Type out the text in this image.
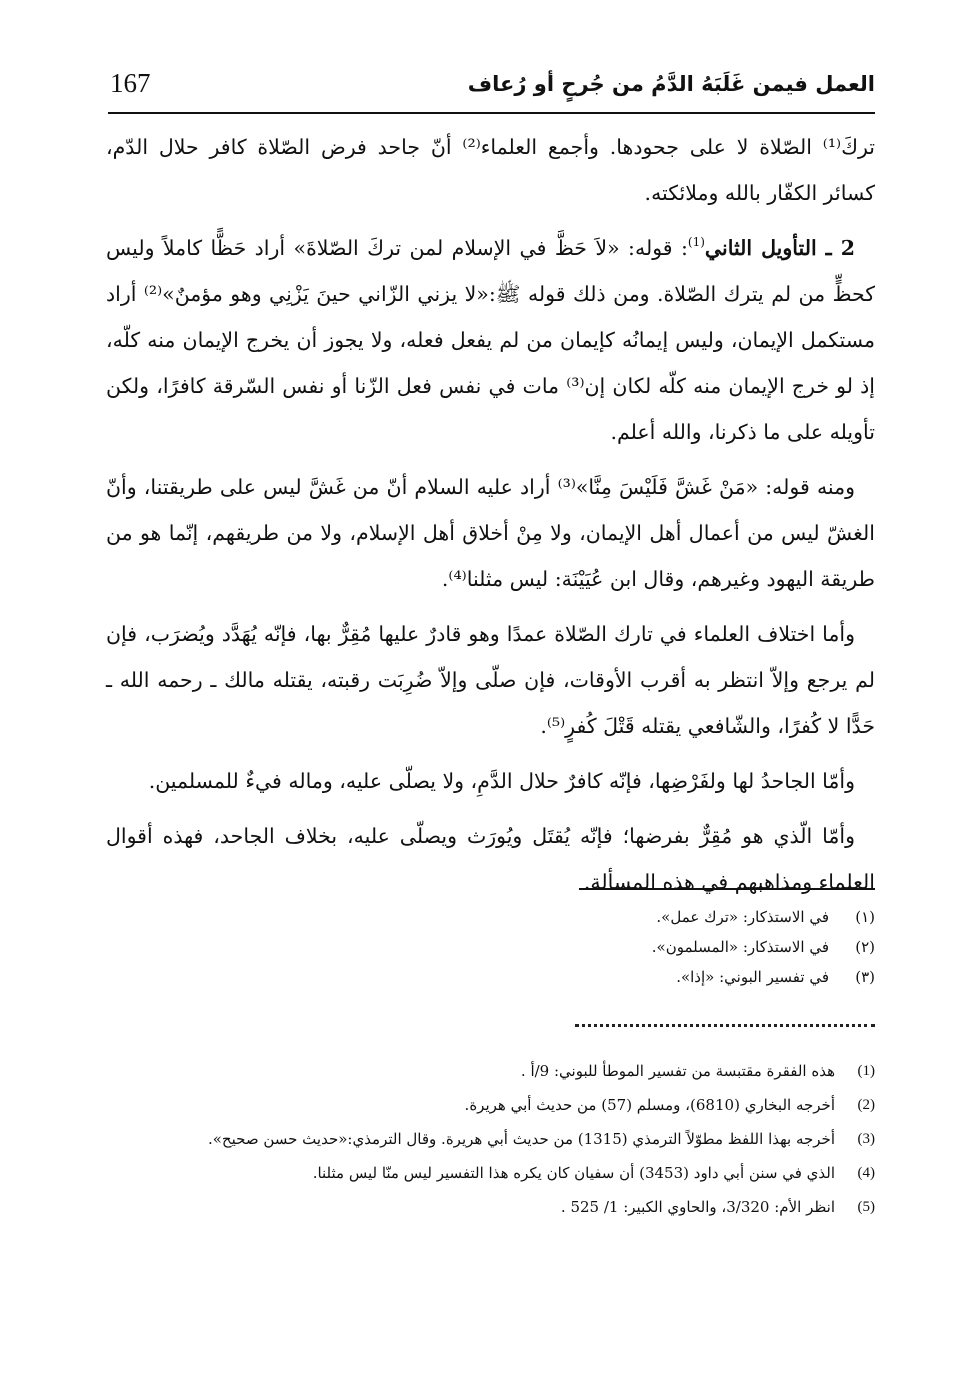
العمل فيمن غَلَبَهُ الدَّمُ من جُرحٍ أو رُعاف
167

تركَ⁽¹⁾ الصّلاة لا على جحودها. وأجمع العلماء⁽²⁾ أنّ جاحد فرض الصّلاة كافر حلال الدّم، كسائر الكفّار بالله وملائكته.

2 ـ التأويل الثاني$^{(1)}$: قوله: «لاَ حَظَّ في الإسلام لمن تركَ الصّلاةَ» أراد حَظًّا كاملاً وليس كحظٍّ من لم يترك الصّلاة. ومن ذلك قوله ﷺ:«لا يزني الزّاني حينَ يَزْنِي وهو مؤمنٌ»⁽²⁾ أراد مستكمل الإيمان، وليس إيمانُه كإيمان من لم يفعل فعله، ولا يجوز أن يخرج الإيمان منه كلّه، إذ لو خرج الإيمان منه كلّه لكان إن⁽³⁾ مات في نفس فعل الزّنا أو نفس السّرقة كافرًا، ولكن تأويله على ما ذكرنا، والله أعلم.

ومنه قوله: «مَنْ غَشَّ فَلَيْسَ مِنَّا»⁽³⁾ أراد عليه السلام أنّ من غَشَّ ليس على طريقتنا، وأنّ الغشّ ليس من أعمال أهل الإيمان، ولا مِنْ أخلاق أهل الإسلام، ولا من طريقهم، إنّما هو من طريقة اليهود وغيرهم، وقال ابن عُيَيْنَة: ليس مثلنا⁽⁴⁾.

وأما اختلاف العلماء في تارك الصّلاة عمدًا وهو قادرٌ عليها مُقِرٌّ بها، فإنّه يُهَدَّد ويُضرَب، فإن لم يرجع وإلاّ انتظر به أقرب الأوقات، فإن صلّى وإلاّ ضُرِبَت رقبته، يقتله مالك ـ رحمه الله ـ حَدًّا لا كُفرًا، والشّافعي يقتله قَتْلَ كُفرٍ⁽⁵⁾.

وأمّا الجاحدُ لها ولفَرْضِها، فإنّه كافرٌ حلال الدَّمِ، ولا يصلّى عليه، وماله فيءٌ للمسلمين.

وأمّا الّذي هو مُقِرٌّ بفرضها؛ فإنّه يُقتَل ويُورَث ويصلّى عليه، بخلاف الجاحد، فهذه أقوال العلماء ومذاهبهم في هذه المسألة.

(١)
في الاستذكار: «ترك عمل».
(٢)
في الاستذكار: «المسلمون».
(٣)
في تفسير البوني: «إذا».
(1)
هذه الفقرة مقتبسة من تفسير الموطأ للبوني: 9/أ .
(2)
أخرجه البخاري (6810)، ومسلم (57) من حديث أبي هريرة.
(3)
أخرجه بهذا اللفظ مطوّلاً الترمذي (1315) من حديث أبي هريرة. وقال الترمذي:«حديث حسن صحيح».
(4)
الذي في سنن أبي داود (3453) أن سفيان كان يكره هذا التفسير ليس منّا ليس مثلنا.
(5)
انظر الأم: 3/320، والحاوي الكبير: 1/ 525 .
